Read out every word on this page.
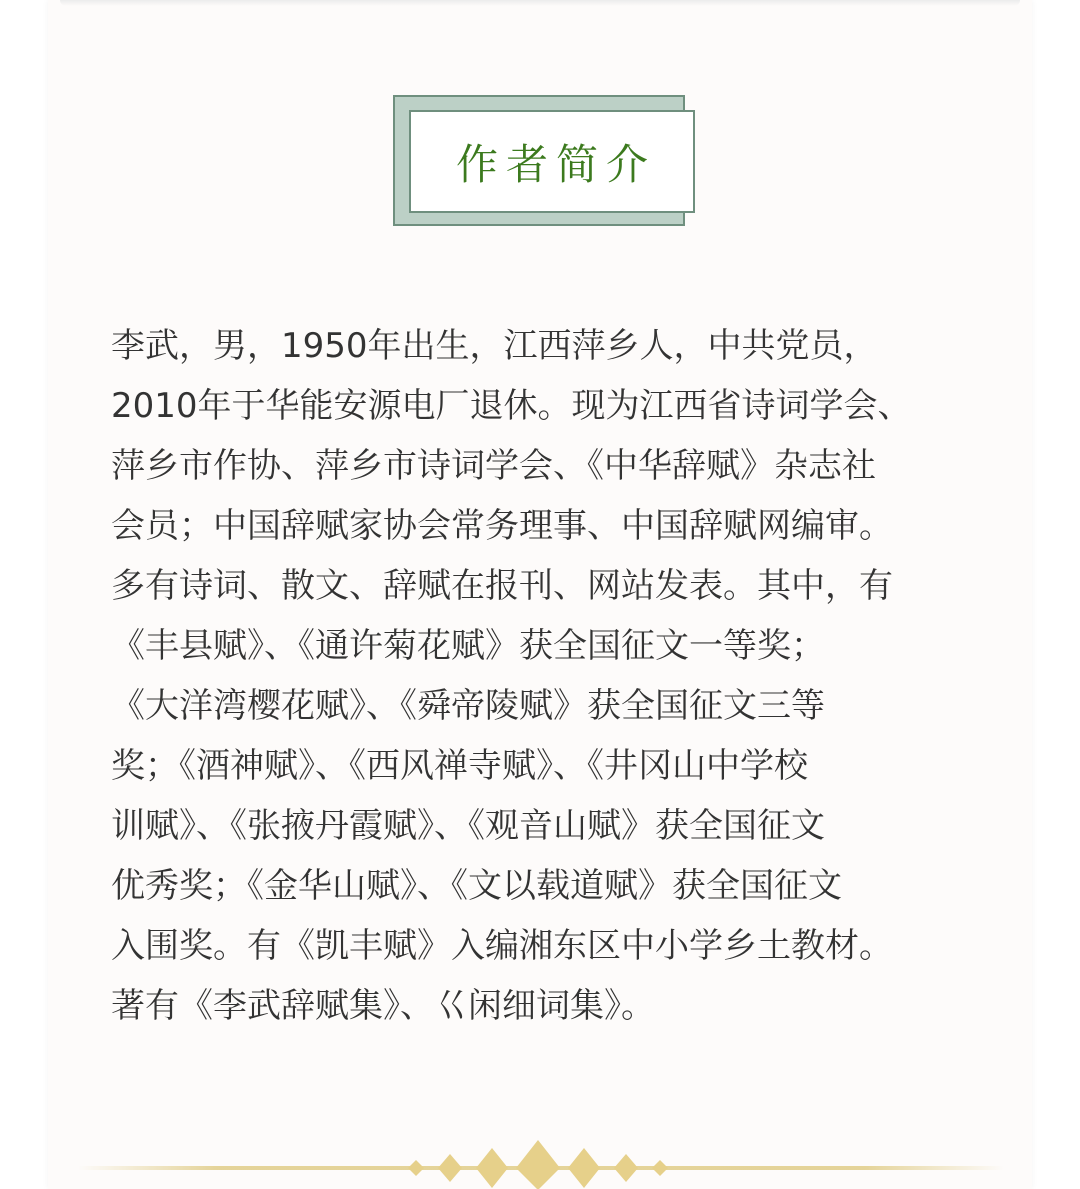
作者简介
李武，男，1950年出生，江西萍乡人，中共党员，
2010年于华能安源电厂退休。现为江西省诗词学会、
萍乡市作协、萍乡市诗词学会、《中华辞赋》杂志社
会员；中国辞赋家协会常务理事、中国辞赋网编审。
多有诗词、散文、辞赋在报刊、网站发表。其中，有
《丰县赋》、《通许菊花赋》获全国征文一等奖；
《大洋湾樱花赋》、《舜帝陵赋》获全国征文三等
奖；《酒神赋》、《西风禅寺赋》、《井冈山中学校
训赋》、《张掖丹霞赋》、《观音山赋》获全国征文
优秀奖；《金华山赋》、《文以载道赋》获全国征文
入围奖。有《凯丰赋》入编湘东区中小学乡土教材。
著有《李武辞赋集》、巜闲细词集》。
